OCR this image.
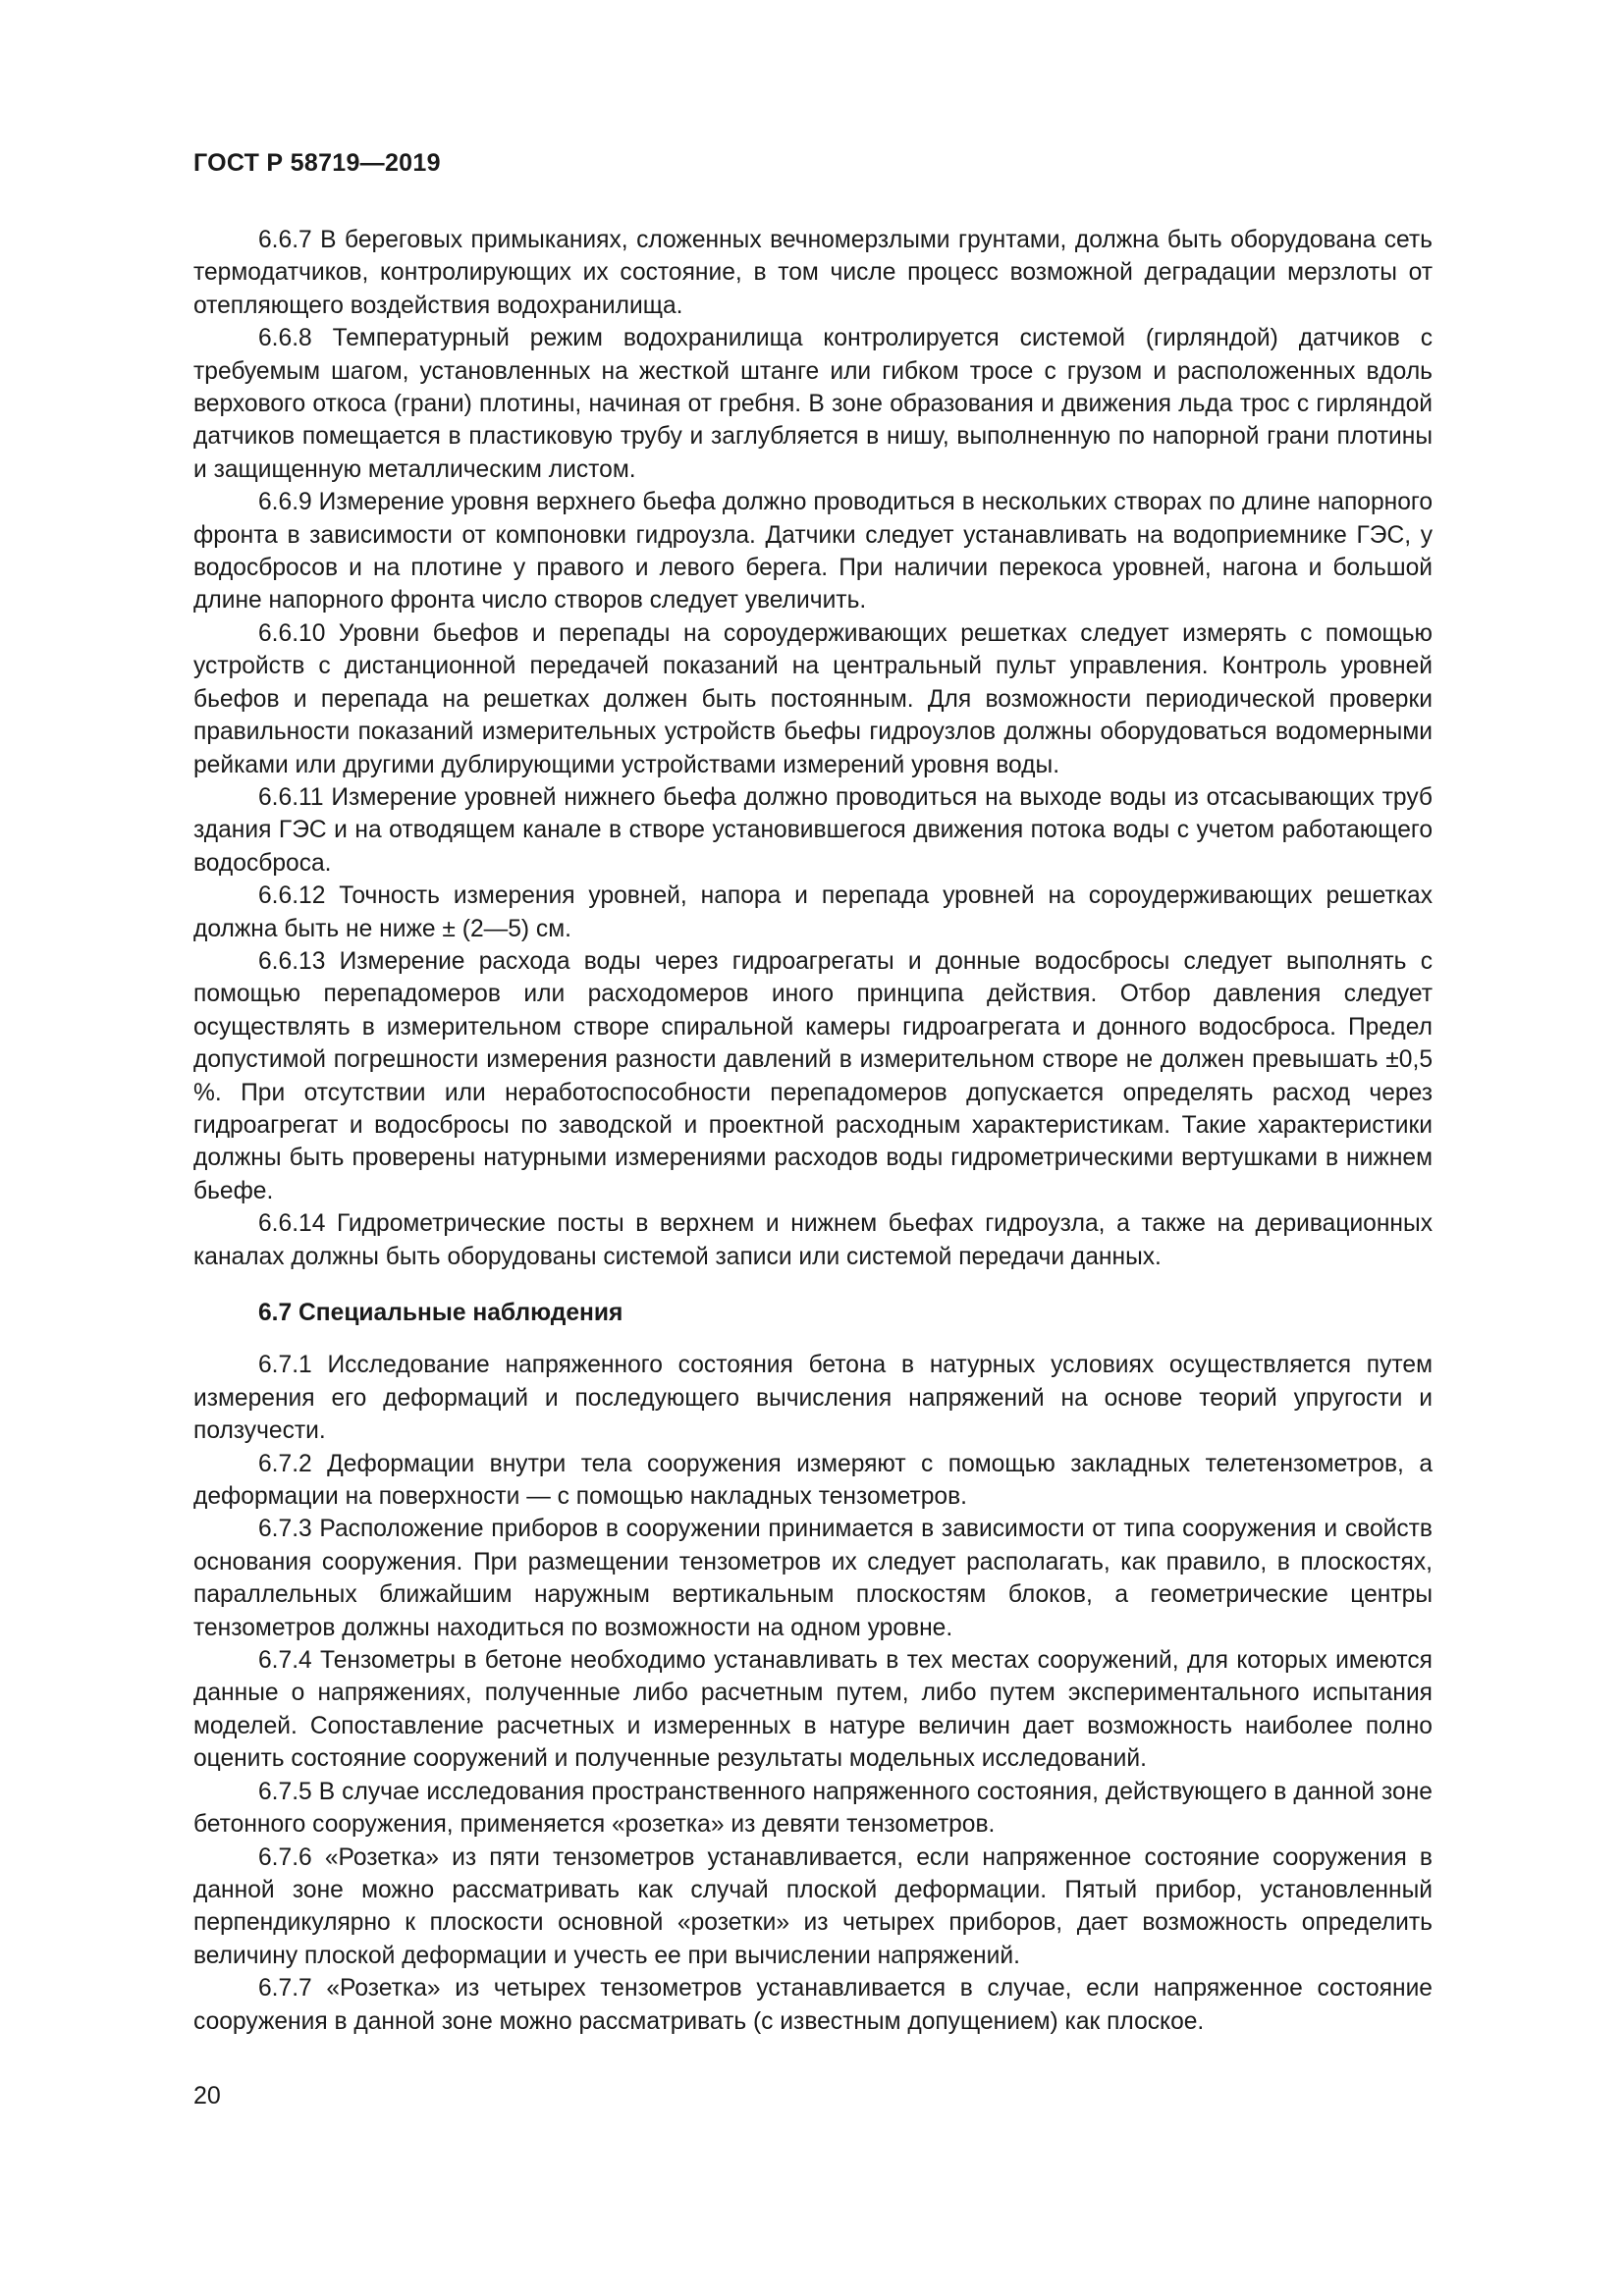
ГОСТ Р 58719—2019

6.6.7 В береговых примыканиях, сложенных вечномерзлыми грунтами, должна быть оборудована сеть термодатчиков, контролирующих их состояние, в том числе процесс возможной деградации мерзлоты от отепляющего воздействия водохранилища.

6.6.8 Температурный режим водохранилища контролируется системой (гирляндой) датчиков с требуемым шагом, установленных на жесткой штанге или гибком тросе с грузом и расположенных вдоль верхового откоса (грани) плотины, начиная от гребня. В зоне образования и движения льда трос с гирляндой датчиков помещается в пластиковую трубу и заглубляется в нишу, выполненную по напорной грани плотины и защищенную металлическим листом.

6.6.9 Измерение уровня верхнего бьефа должно проводиться в нескольких створах по длине напорного фронта в зависимости от компоновки гидроузла. Датчики следует устанавливать на водоприемнике ГЭС, у водосбросов и на плотине у правого и левого берега. При наличии перекоса уровней, нагона и большой длине напорного фронта число створов следует увеличить.

6.6.10 Уровни бьефов и перепады на сороудерживающих решетках следует измерять с помощью устройств с дистанционной передачей показаний на центральный пульт управления. Контроль уровней бьефов и перепада на решетках должен быть постоянным. Для возможности периодической проверки правильности показаний измерительных устройств бьефы гидроузлов должны оборудоваться водомерными рейками или другими дублирующими устройствами измерений уровня воды.

6.6.11 Измерение уровней нижнего бьефа должно проводиться на выходе воды из отсасывающих труб здания ГЭС и на отводящем канале в створе установившегося движения потока воды с учетом работающего водосброса.

6.6.12 Точность измерения уровней, напора и перепада уровней на сороудерживающих решетках должна быть не ниже ± (2—5) см.

6.6.13 Измерение расхода воды через гидроагрегаты и донные водосбросы следует выполнять с помощью перепадомеров или расходомеров иного принципа действия. Отбор давления следует осуществлять в измерительном створе спиральной камеры гидроагрегата и донного водосброса. Предел допустимой погрешности измерения разности давлений в измерительном створе не должен превышать ±0,5 %. При отсутствии или неработоспособности перепадомеров допускается определять расход через гидроагрегат и водосбросы по заводской и проектной расходным характеристикам. Такие характеристики должны быть проверены натурными измерениями расходов воды гидрометрическими вертушками в нижнем бьефе.

6.6.14 Гидрометрические посты в верхнем и нижнем бьефах гидроузла, а также на деривационных каналах должны быть оборудованы системой записи или системой передачи данных.

6.7 Специальные наблюдения

6.7.1 Исследование напряженного состояния бетона в натурных условиях осуществляется путем измерения его деформаций и последующего вычисления напряжений на основе теорий упругости и ползучести.

6.7.2 Деформации внутри тела сооружения измеряют с помощью закладных телетензометров, а деформации на поверхности — с помощью накладных тензометров.

6.7.3 Расположение приборов в сооружении принимается в зависимости от типа сооружения и свойств основания сооружения. При размещении тензометров их следует располагать, как правило, в плоскостях, параллельных ближайшим наружным вертикальным плоскостям блоков, а геометрические центры тензометров должны находиться по возможности на одном уровне.

6.7.4 Тензометры в бетоне необходимо устанавливать в тех местах сооружений, для которых имеются данные о напряжениях, полученные либо расчетным путем, либо путем экспериментального испытания моделей. Сопоставление расчетных и измеренных в натуре величин дает возможность наиболее полно оценить состояние сооружений и полученные результаты модельных исследований.

6.7.5 В случае исследования пространственного напряженного состояния, действующего в данной зоне бетонного сооружения, применяется «розетка» из девяти тензометров.

6.7.6 «Розетка» из пяти тензометров устанавливается, если напряженное состояние сооружения в данной зоне можно рассматривать как случай плоской деформации. Пятый прибор, установленный перпендикулярно к плоскости основной «розетки» из четырех приборов, дает возможность определить величину плоской деформации и учесть ее при вычислении напряжений.

6.7.7 «Розетка» из четырех тензометров устанавливается в случае, если напряженное состояние сооружения в данной зоне можно рассматривать (с известным допущением) как плоское.

20
